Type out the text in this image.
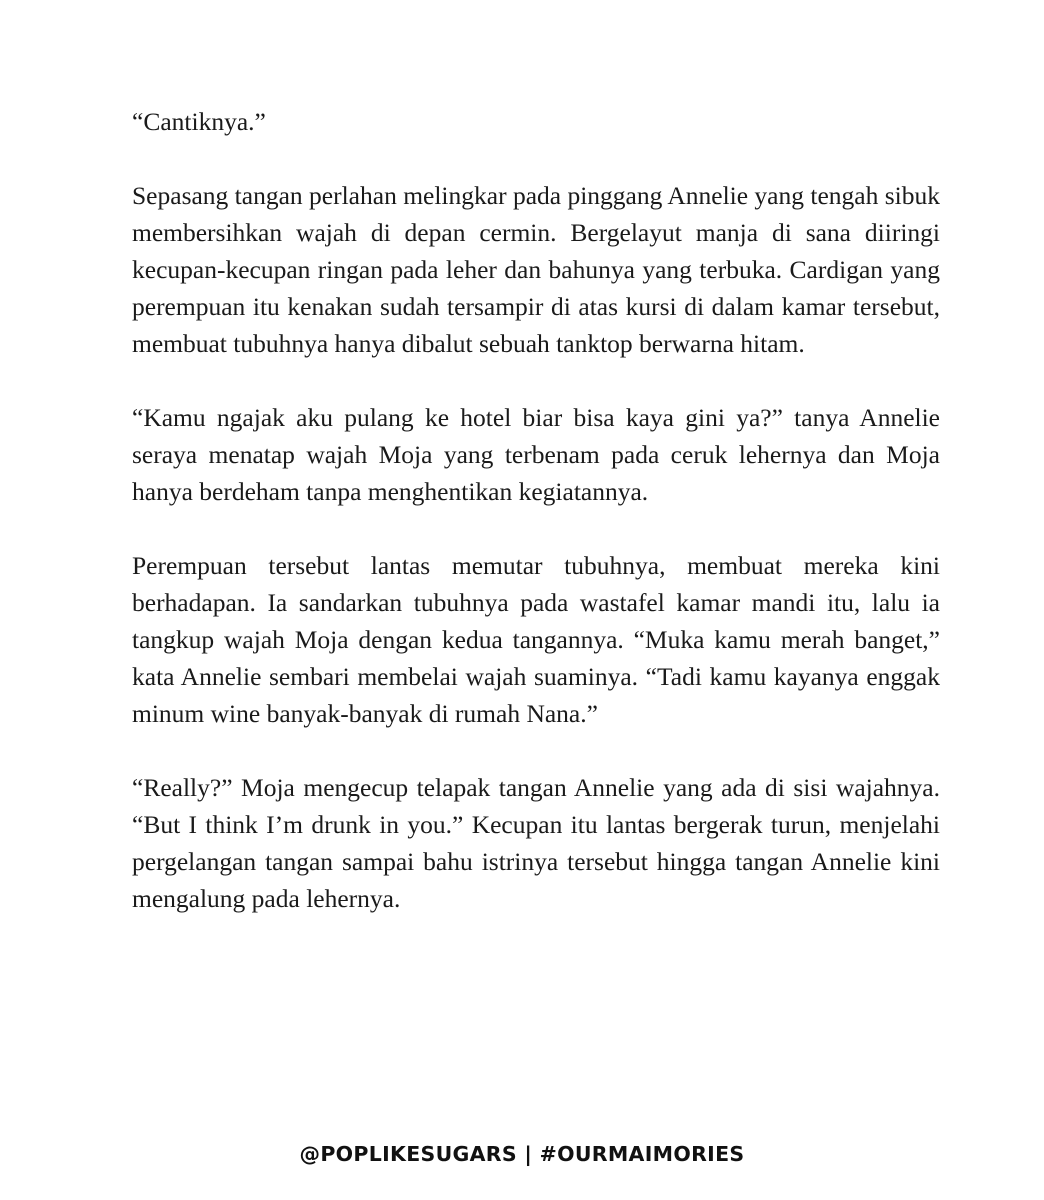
“Cantiknya.”

Sepasang tangan perlahan melingkar pada pinggang Annelie yang tengah sibuk membersihkan wajah di depan cermin. Bergelayut manja di sana diiringi kecupan-kecupan ringan pada leher dan bahunya yang terbuka. Cardigan yang perempuan itu kenakan sudah tersampir di atas kursi di dalam kamar tersebut, membuat tubuhnya hanya dibalut sebuah tanktop berwarna hitam.

“Kamu ngajak aku pulang ke hotel biar bisa kaya gini ya?” tanya Annelie seraya menatap wajah Moja yang terbenam pada ceruk lehernya dan Moja hanya berdeham tanpa menghentikan kegiatannya.

Perempuan tersebut lantas memutar tubuhnya, membuat mereka kini berhadapan. Ia sandarkan tubuhnya pada wastafel kamar mandi itu, lalu ia tangkup wajah Moja dengan kedua tangannya. “Muka kamu merah banget,” kata Annelie sembari membelai wajah suaminya. “Tadi kamu kayanya enggak minum wine banyak-banyak di rumah Nana.”

“Really?” Moja mengecup telapak tangan Annelie yang ada di sisi wajahnya. “But I think I’m drunk in you.” Kecupan itu lantas bergerak turun, menjelahi pergelangan tangan sampai bahu istrinya tersebut hingga tangan Annelie kini mengalung pada lehernya.

@POPLIKESUGARS | #OURMAIMORIES
